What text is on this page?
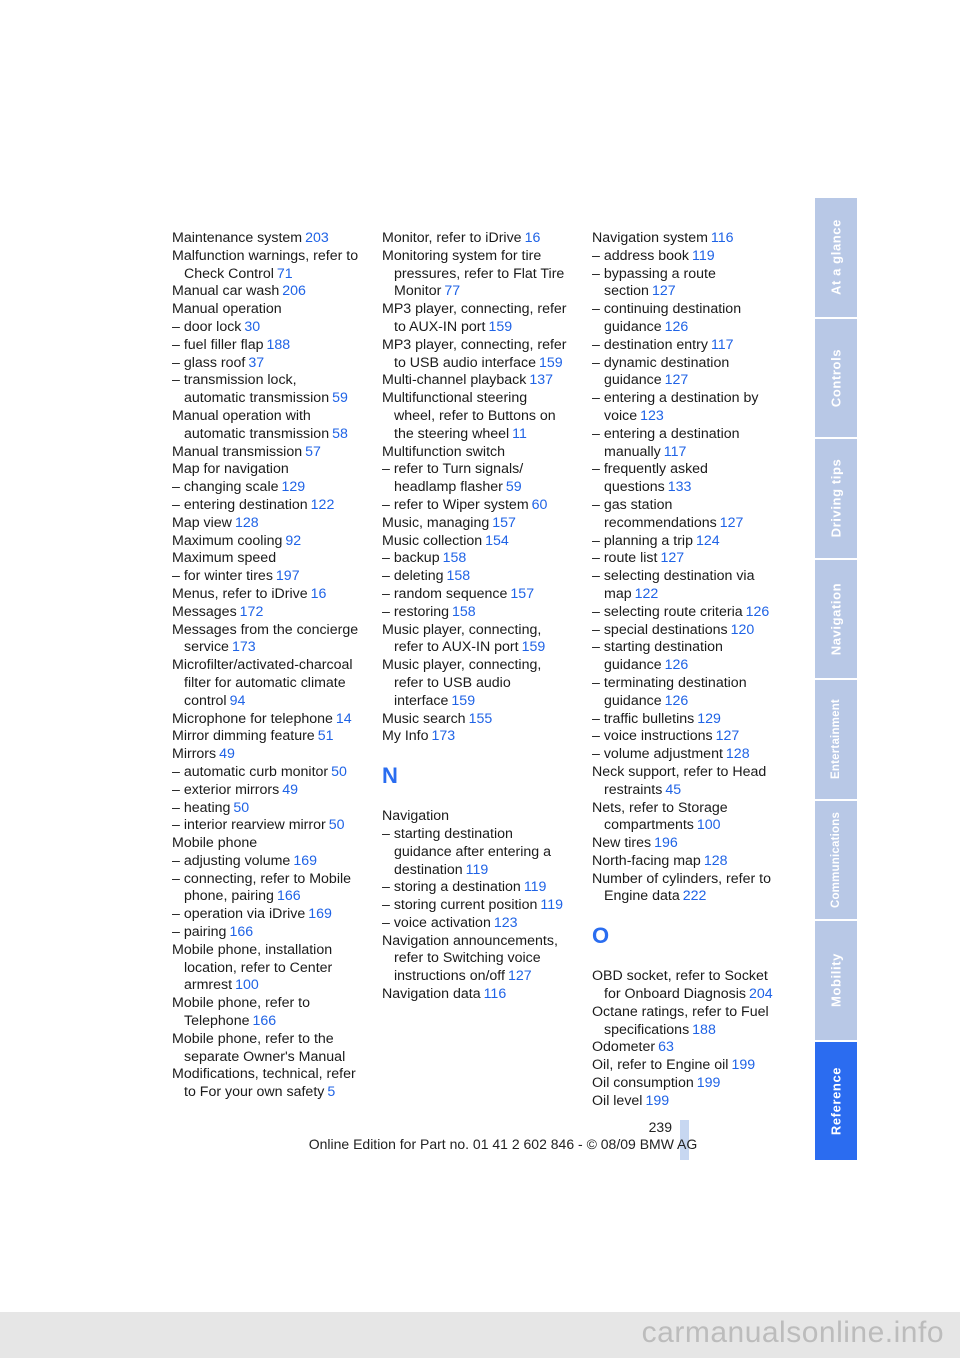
Maintenance system 203
Malfunction warnings, refer to Check Control 71
Manual car wash 206
Manual operation
– door lock 30
– fuel filler flap 188
– glass roof 37
– transmission lock, automatic transmission 59
Manual operation with automatic transmission 58
Manual transmission 57
Map for navigation
– changing scale 129
– entering destination 122
Map view 128
Maximum cooling 92
Maximum speed
– for winter tires 197
Menus, refer to iDrive 16
Messages 172
Messages from the concierge service 173
Microfilter/activated-charcoal filter for automatic climate control 94
Microphone for telephone 14
Mirror dimming feature 51
Mirrors 49
– automatic curb monitor 50
– exterior mirrors 49
– heating 50
– interior rearview mirror 50
Mobile phone
– adjusting volume 169
– connecting, refer to Mobile phone, pairing 166
– operation via iDrive 169
– pairing 166
Mobile phone, installation location, refer to Center armrest 100
Mobile phone, refer to Telephone 166
Mobile phone, refer to the separate Owner's Manual
Modifications, technical, refer to For your own safety 5
Monitor, refer to iDrive 16
Monitoring system for tire pressures, refer to Flat Tire Monitor 77
MP3 player, connecting, refer to AUX-IN port 159
MP3 player, connecting, refer to USB audio interface 159
Multi-channel playback 137
Multifunctional steering wheel, refer to Buttons on the steering wheel 11
Multifunction switch
– refer to Turn signals/ headlamp flasher 59
– refer to Wiper system 60
Music, managing 157
Music collection 154
– backup 158
– deleting 158
– random sequence 157
– restoring 158
Music player, connecting, refer to AUX-IN port 159
Music player, connecting, refer to USB audio interface 159
Music search 155
My Info 173
N
Navigation
– starting destination guidance after entering a destination 119
– storing a destination 119
– storing current position 119
– voice activation 123
Navigation announcements, refer to Switching voice instructions on/off 127
Navigation data 116
Navigation system 116
– address book 119
– bypassing a route section 127
– continuing destination guidance 126
– destination entry 117
– dynamic destination guidance 127
– entering a destination by voice 123
– entering a destination manually 117
– frequently asked questions 133
– gas station recommendations 127
– planning a trip 124
– route list 127
– selecting destination via map 122
– selecting route criteria 126
– special destinations 120
– starting destination guidance 126
– terminating destination guidance 126
– traffic bulletins 129
– voice instructions 127
– volume adjustment 128
Neck support, refer to Head restraints 45
Nets, refer to Storage compartments 100
New tires 196
North-facing map 128
Number of cylinders, refer to Engine data 222
O
OBD socket, refer to Socket for Onboard Diagnosis 204
Octane ratings, refer to Fuel specifications 188
Odometer 63
Oil, refer to Engine oil 199
Oil consumption 199
Oil level 199
At a glance
Controls
Driving tips
Navigation
Entertainment
Communications
Mobility
Reference
239
Online Edition for Part no. 01 41 2 602 846 - © 08/09 BMW AG
carmanualsonline.info
